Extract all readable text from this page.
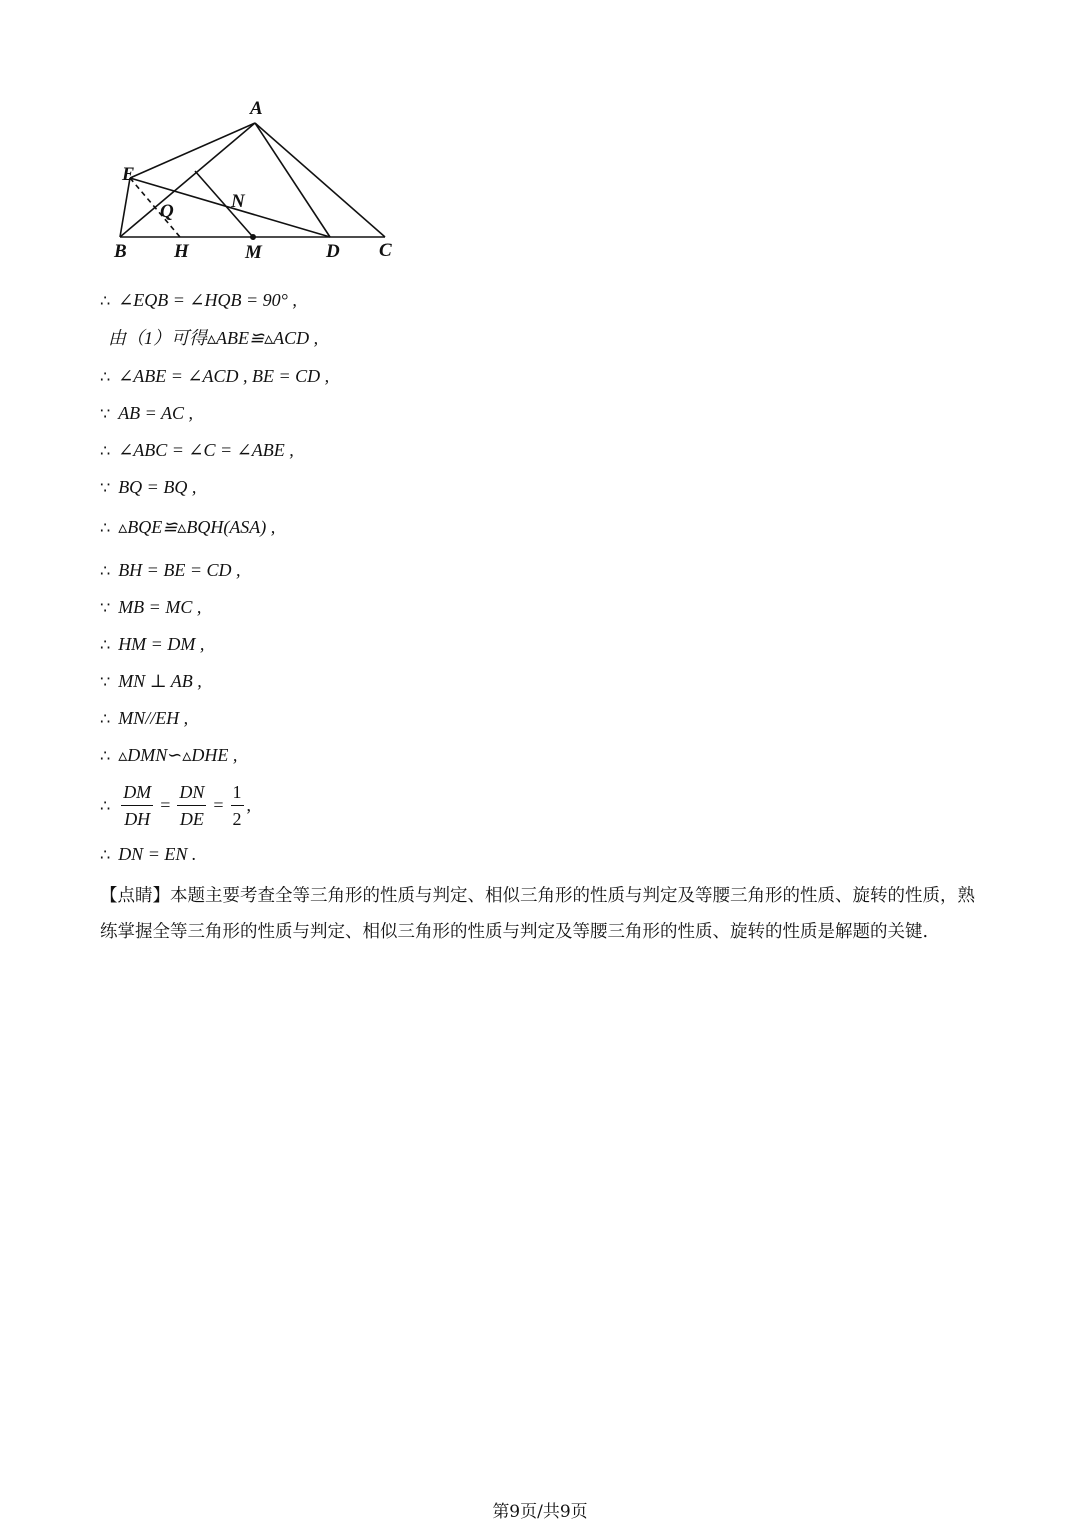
A
E
N
Q
B H	M	D C
∴ ∠EQB = ∠HQB = 90° ,
由（1）可得▵ABE≌▵ACD ,
∴ ∠ABE = ∠ACD , BE = CD ,
∵ AB = AC ,
∴ ∠ABC = ∠C = ∠ABE ,
∵ BQ = BQ ,
∴ ▵BQE≌▵BQH(ASA) ,
∴ BH = BE = CD ,
∵ MB = MC ,
∴ HM = DM ,
∵ MN ⊥ AB ,
∴ MN//EH ,
∴ ▵DMN∽▵DHE ,
∴ $\frac{DM}{DH} = \frac{DN}{DE} = \frac{1}{2}$ ,
∴ DN = EN .
【点睛】本题主要考查全等三角形的性质与判定、相似三角形的性质与判定及等腰三角形的性质、旋转的性质，熟练掌握全等三角形的性质与判定、相似三角形的性质与判定及等腰三角形的性质、旋转的性质是解题的关键.
第9页/共9页
